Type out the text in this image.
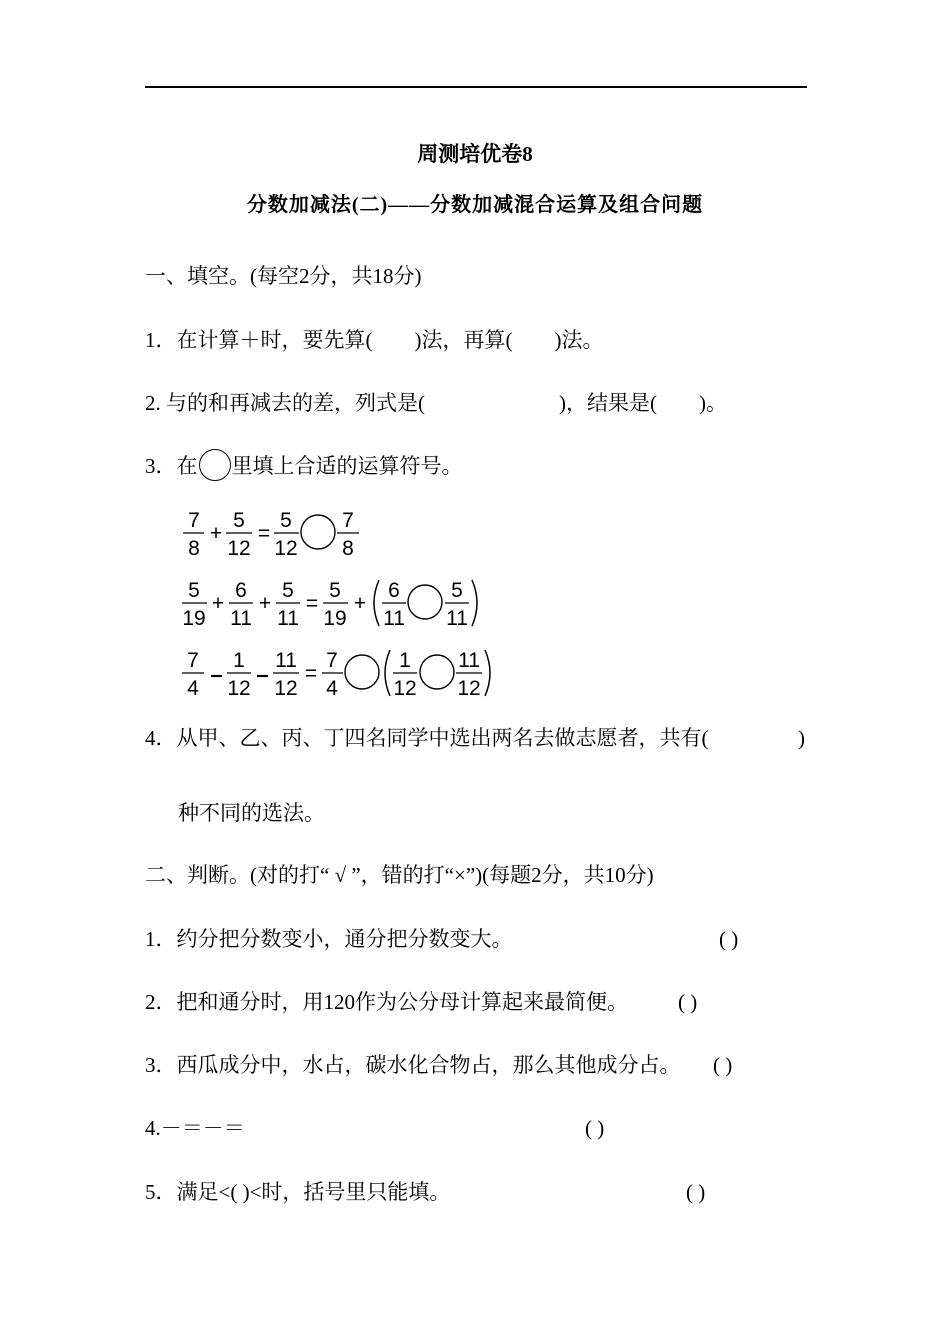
周测培优卷8
分数加减法(二)——分数加减混合运算及组合问题
一、填空。(每空2分，共18分)
1．在计算＋时，要先算( )法，再算( )法。
2. 与的和再减去的差，列式是(	)，结果是( )。
3．在 里填上合适的运算符号。
7
8
+
5
12
=
5
12
7
8
5
19
+
6
11
+
5
11
=
5
19
+
6
11
5
11
7
4
1
12
11
12
=
7
4
1
12
11
12
4．从甲、乙、丙、丁四名同学中选出两名去做志愿者，共有(	)
种不同的选法。
二、判断。(对的打“ √ ”，错的打“×”)(每题2分，共10分)
1．约分把分数变小，通分把分数变大。	( )
2．把和通分时，用120作为公分母计算起来最简便。 ( )
3．西瓜成分中，水占，碳水化合物占，那么其他成分占。 ( )
4.－＝－＝	( )
5．满足<( )<时，括号里只能填。	( )
